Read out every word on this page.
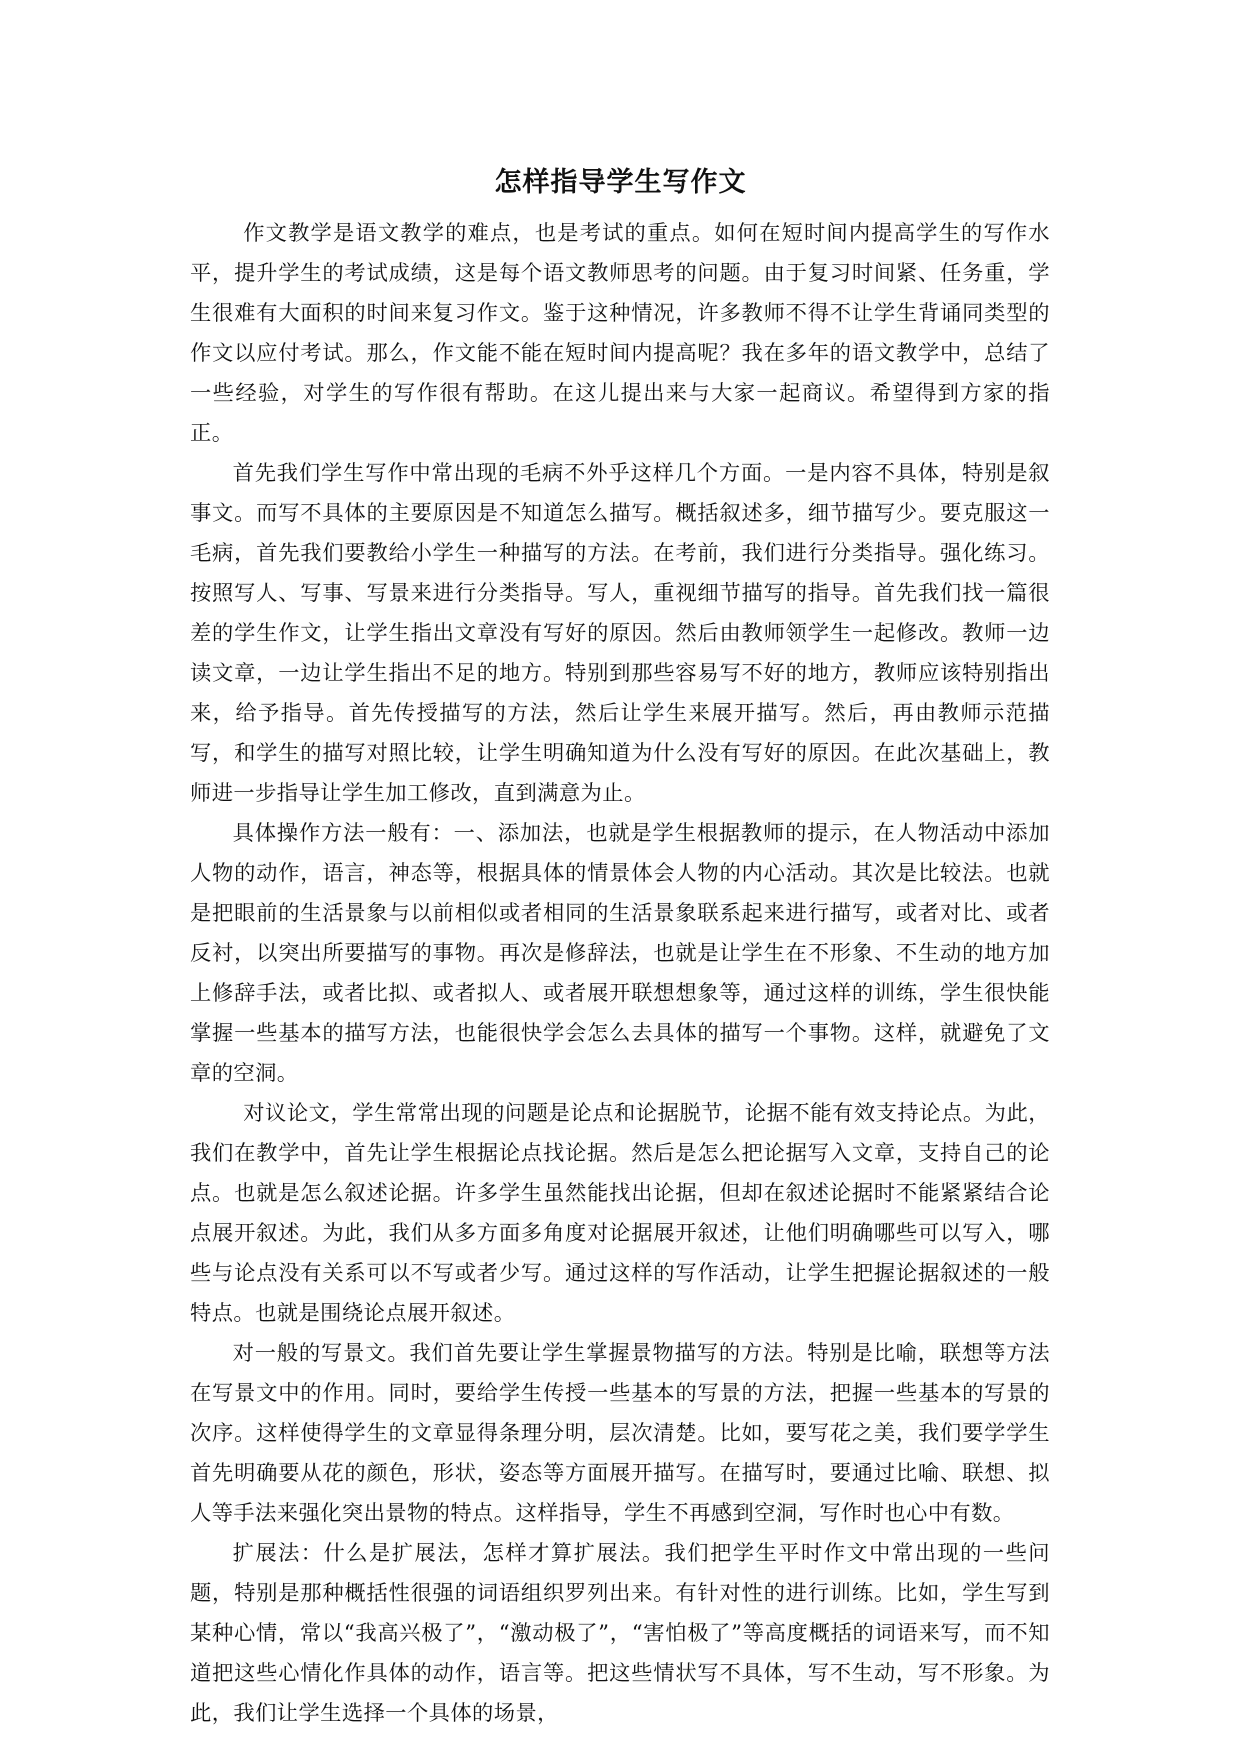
怎样指导学生写作文

作文教学是语文教学的难点，也是考试的重点。如何在短时间内提高学生的写作水平，提升学生的考试成绩，这是每个语文教师思考的问题。由于复习时间紧、任务重，学生很难有大面积的时间来复习作文。鉴于这种情况，许多教师不得不让学生背诵同类型的作文以应付考试。那么，作文能不能在短时间内提高呢？我在多年的语文教学中，总结了一些经验，对学生的写作很有帮助。在这儿提出来与大家一起商议。希望得到方家的指正。

首先我们学生写作中常出现的毛病不外乎这样几个方面。一是内容不具体，特别是叙事文。而写不具体的主要原因是不知道怎么描写。概括叙述多，细节描写少。要克服这一毛病，首先我们要教给小学生一种描写的方法。在考前，我们进行分类指导。强化练习。按照写人、写事、写景来进行分类指导。写人，重视细节描写的指导。首先我们找一篇很差的学生作文，让学生指出文章没有写好的原因。然后由教师领学生一起修改。教师一边读文章，一边让学生指出不足的地方。特别到那些容易写不好的地方，教师应该特别指出来，给予指导。首先传授描写的方法，然后让学生来展开描写。然后，再由教师示范描写，和学生的描写对照比较，让学生明确知道为什么没有写好的原因。在此次基础上，教师进一步指导让学生加工修改，直到满意为止。

具体操作方法一般有：一、添加法，也就是学生根据教师的提示，在人物活动中添加人物的动作，语言，神态等，根据具体的情景体会人物的内心活动。其次是比较法。也就是把眼前的生活景象与以前相似或者相同的生活景象联系起来进行描写，或者对比、或者反衬，以突出所要描写的事物。再次是修辞法，也就是让学生在不形象、不生动的地方加上修辞手法，或者比拟、或者拟人、或者展开联想想象等，通过这样的训练，学生很快能掌握一些基本的描写方法，也能很快学会怎么去具体的描写一个事物。这样，就避免了文章的空洞。

对议论文，学生常常出现的问题是论点和论据脱节，论据不能有效支持论点。为此，我们在教学中，首先让学生根据论点找论据。然后是怎么把论据写入文章，支持自己的论点。也就是怎么叙述论据。许多学生虽然能找出论据，但却在叙述论据时不能紧紧结合论点展开叙述。为此，我们从多方面多角度对论据展开叙述，让他们明确哪些可以写入，哪些与论点没有关系可以不写或者少写。通过这样的写作活动，让学生把握论据叙述的一般特点。也就是围绕论点展开叙述。

对一般的写景文。我们首先要让学生掌握景物描写的方法。特别是比喻，联想等方法在写景文中的作用。同时，要给学生传授一些基本的写景的方法，把握一些基本的写景的次序。这样使得学生的文章显得条理分明，层次清楚。比如，要写花之美，我们要学学生首先明确要从花的颜色，形状，姿态等方面展开描写。在描写时，要通过比喻、联想、拟人等手法来强化突出景物的特点。这样指导，学生不再感到空洞，写作时也心中有数。

扩展法：什么是扩展法，怎样才算扩展法。我们把学生平时作文中常出现的一些问题，特别是那种概括性很强的词语组织罗列出来。有针对性的进行训练。比如，学生写到某种心情，常以“我高兴极了”，“激动极了”，“害怕极了”等高度概括的词语来写，而不知道把这些心情化作具体的动作，语言等。把这些情状写不具体，写不生动，写不形象。为此，我们让学生选择一个具体的场景，
